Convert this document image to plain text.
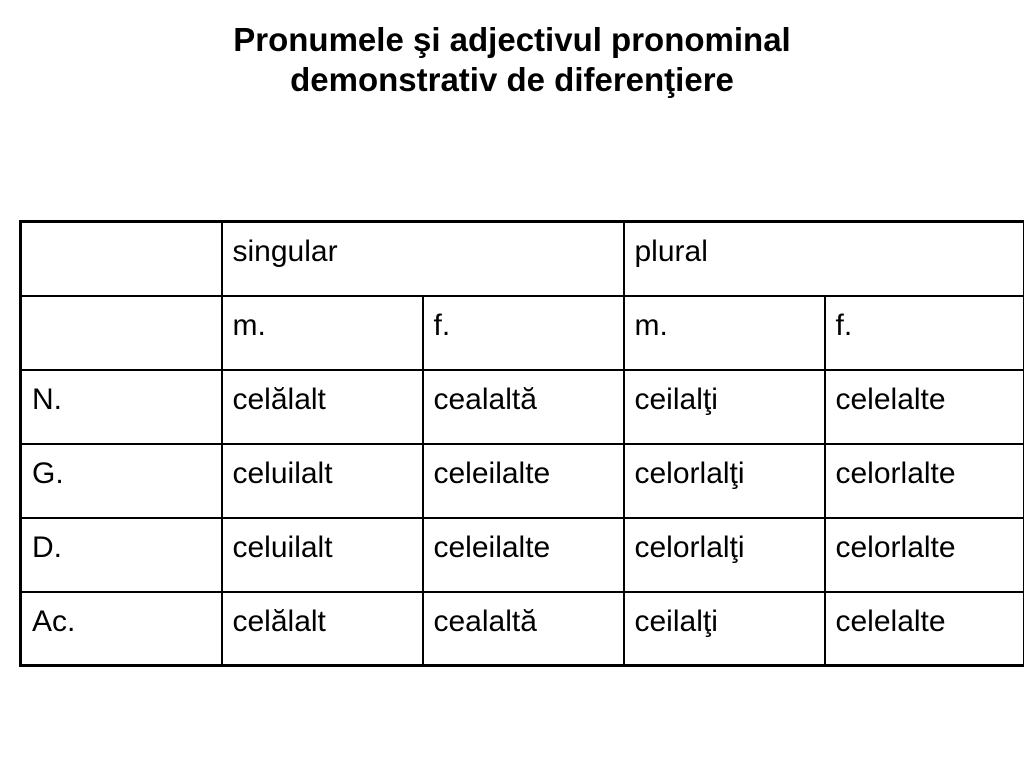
Pronumele şi adjectivul pronominal
demonstrativ de diferenţiere

	singular		plural	

	m.	f.	m.	f.

N.	celălalt	cealaltă	ceilalţi	celelalte

G.	celuilalt	celeilalte	celorlalţi	celorlalte

D.	celuilalt	celeilalte	celorlalţi	celorlalte

Ac.	celălalt	cealaltă	ceilalţi	celelalte
